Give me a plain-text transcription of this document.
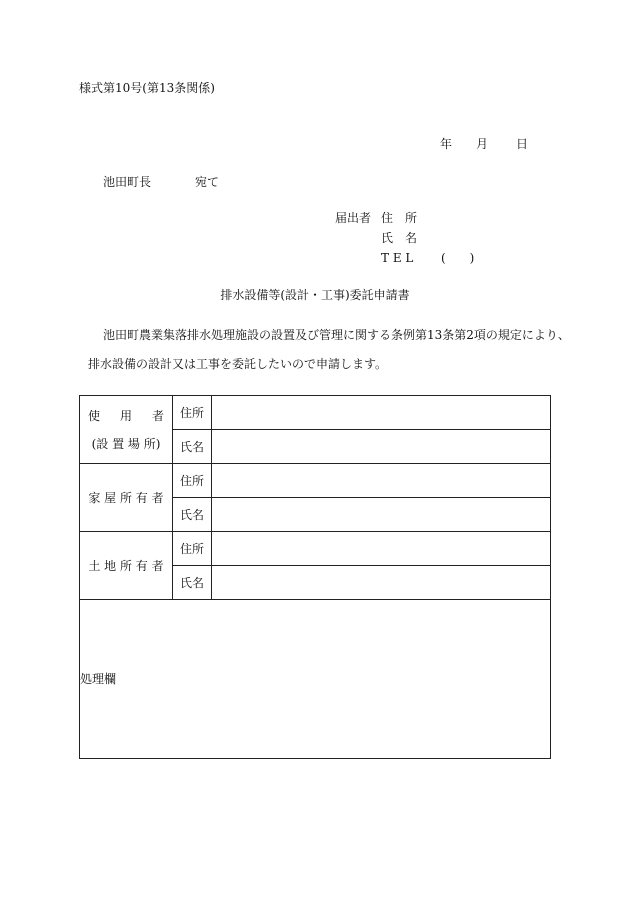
様式第10号(第13条関係)
年 月 日
池田町長	宛て
届出者 住　所
氏　名
T E L (　　)
排水設備等(設計・工事)委託申請書
池田町農業集落排水処理施設の設置及び管理に関する条例第13条第2項の規定により、
排水設備の設計又は工事を委託したいので申請します。
使 用 者
(設 置 場 所)	住所	
	氏名	
家 屋 所 有 者	住所	
	氏名	
土 地 所 有 者	住所	
	氏名	
処理欄		
